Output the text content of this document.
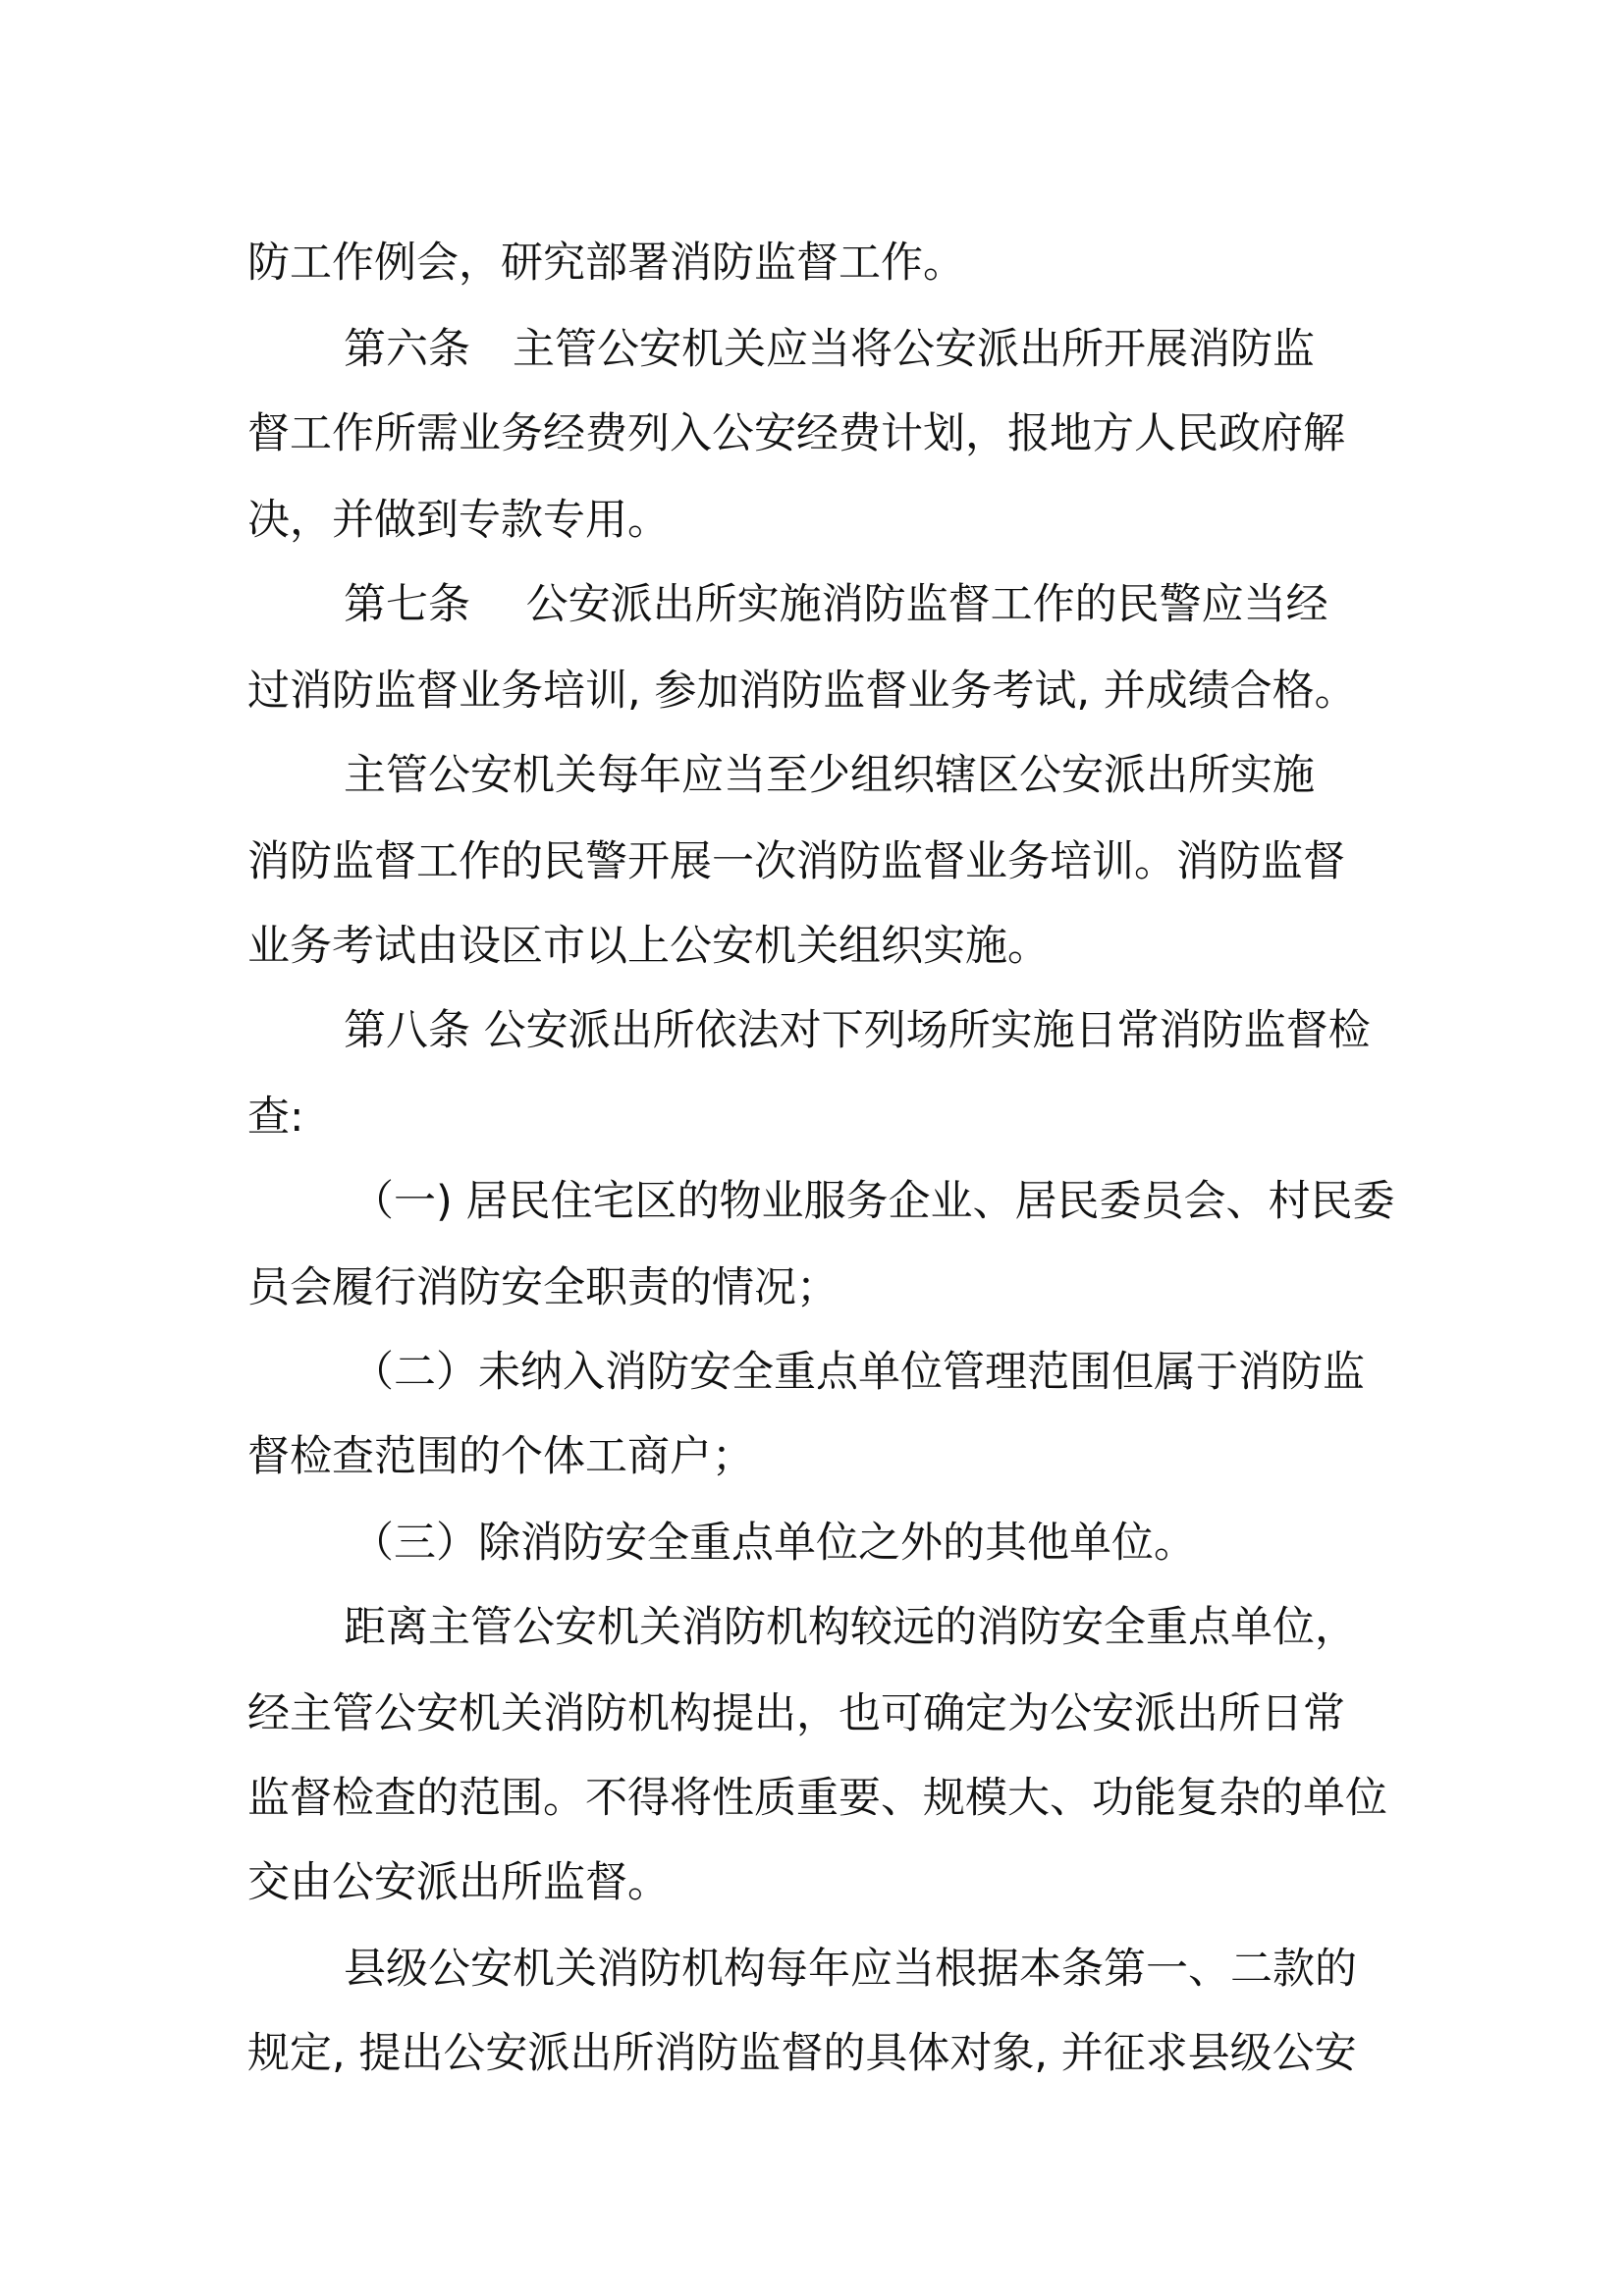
防工作例会，研究部署消防监督工作。
第六条　主管公安机关应当将公安派出所开展消防监
督工作所需业务经费列入公安经费计划，报地方人民政府解
决，并做到专款专用。
第七条　 公安派出所实施消防监督工作的民警应当经
过消防监督业务培训, 参加消防监督业务考试, 并成绩合格。
主管公安机关每年应当至少组织辖区公安派出所实施
消防监督工作的民警开展一次消防监督业务培训。消防监督
业务考试由设区市以上公安机关组织实施。
第八条 公安派出所依法对下列场所实施日常消防监督检
查:
（一) 居民住宅区的物业服务企业、居民委员会、村民委
员会履行消防安全职责的情况；
（二）未纳入消防安全重点单位管理范围但属于消防监
督检查范围的个体工商户；
（三）除消防安全重点单位之外的其他单位。
距离主管公安机关消防机构较远的消防安全重点单位，
经主管公安机关消防机构提出，也可确定为公安派出所日常
监督检查的范围。不得将性质重要、规模大、功能复杂的单位
交由公安派出所监督。
县级公安机关消防机构每年应当根据本条第一、二款的
规定, 提出公安派出所消防监督的具体对象, 并征求县级公安
